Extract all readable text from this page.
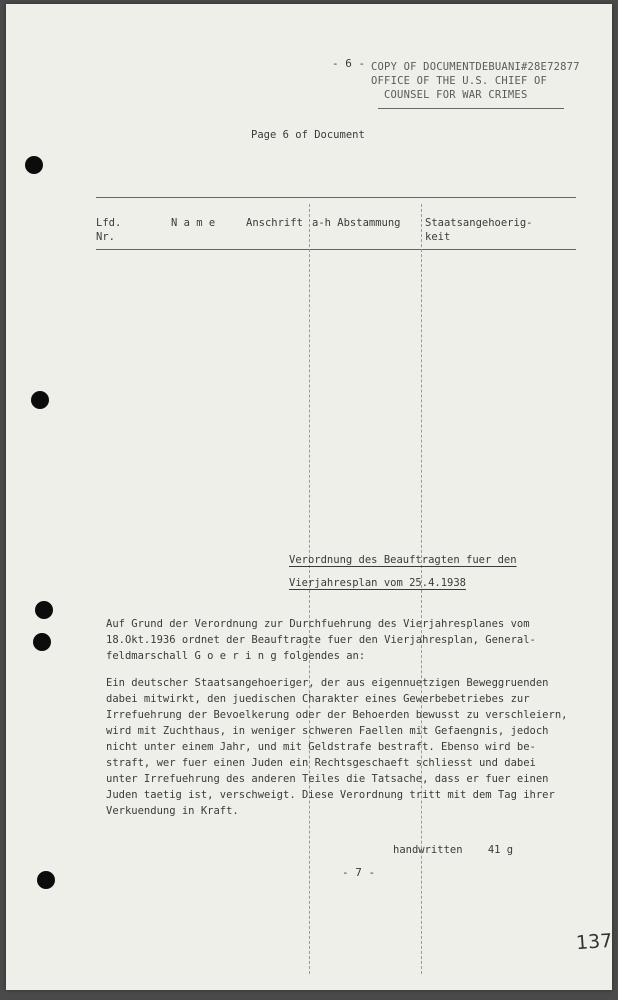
- 6 - COPY OF DOCUMENTDEBUANI#28E72877
OFFICE OF THE U.S. CHIEF OF
COUNSEL FOR WAR CRIMES
Page 6 of Document
Lfd.
Nr.
N a m e	Anschrift a-h Abstammung Staatsangehoerig-
keit
Verordnung des Beauftragten fuer den
Vierjahresplan vom 25.4.1938
Auf Grund der Verordnung zur Durchfuehrung des Vierjahresplanes vom
18.Okt.1936 ordnet der Beauftragte fuer den Vierjahresplan, General-
feldmarschall G o e r i n g folgendes an:
Ein deutscher Staatsangehoeriger, der aus eigennuetzigen Beweggruenden
dabei mitwirkt, den juedischen Charakter eines Gewerbebetriebes zur
Irrefuehrung der Bevoelkerung oder der Behoerden bewusst zu verschleiern,
wird mit Zuchthaus, in weniger schweren Faellen mit Gefaengnis, jedoch
nicht unter einem Jahr, und mit Geldstrafe bestraft. Ebenso wird be-
straft, wer fuer einen Juden ein Rechtsgeschaeft schliesst und dabei
unter Irrefuehrung des anderen Teiles die Tatsache, dass er fuer einen
Juden taetig ist, verschweigt. Diese Verordnung tritt mit dem Tag ihrer
Verkuendung in Kraft.
handwritten    41 g
- 7 -
137
